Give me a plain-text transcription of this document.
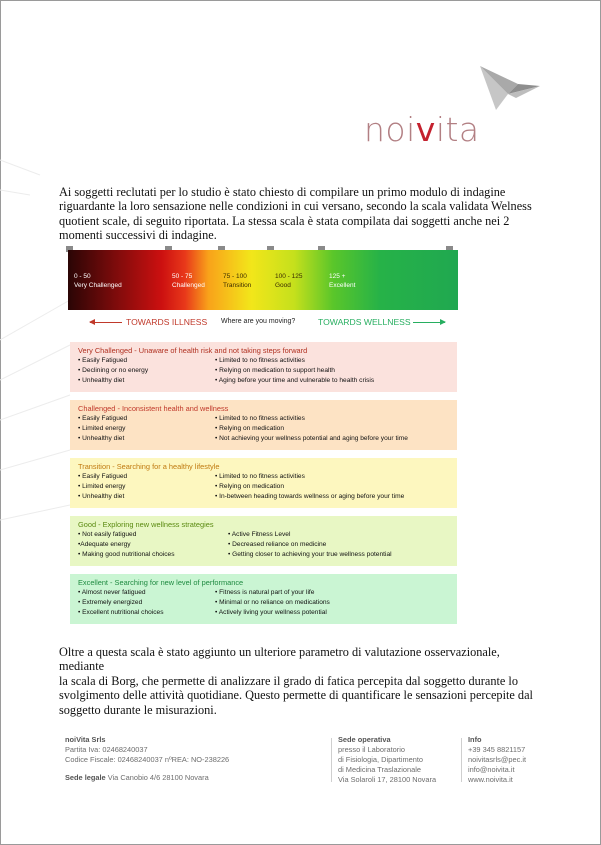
noivita
Ai soggetti reclutati per lo studio è stato chiesto di compilare un primo modulo di indagine
riguardante la loro sensazione nelle condizioni in cui versano, secondo la scala validata Welness
quotient scale, di seguito riportata. La stessa scala è stata compilata dai soggetti anche nei 2
momenti successivi di indagine.
0 - 50
Very Challenged
50 - 75
Challenged
75 - 100
Transition
100 - 125
Good
125 +
Excellent
TOWARDS ILLNESS Where are you moving?	TOWARDS WELLNESS
Very Challenged - Unaware of health risk and not taking steps forward
• Easily Fatigued
• Declining or no energy
• Unhealthy diet
• Limited to no fitness activities
• Relying on medication to support health
• Aging before your time and vulnerable to health crisis
Challenged - Inconsistent health and wellness
• Easily Fatigued
• Limited energy
• Unhealthy diet
• Limited to no fitness activities
• Relying on medication
• Not achieving your wellness potential and aging before your time
Transition - Searching for a healthy lifestyle
• Easily Fatigued
• Limited energy
• Unhealthy diet
• Limited to no fitness activities
• Relying on medication
• In-between heading towards wellness or aging before your time
Good - Exploring new wellness strategies
• Not easily fatigued
•Adequate energy
• Making good nutritional choices
• Active Fitness Level
• Decreased reliance on medicine
• Getting closer to achieving your true wellness potential
Excellent - Searching for new level of performance
• Almost never fatigued
• Extremely energized
• Excellent nutritional choices
• Fitness is natural part of your life
• Minimal or no reliance on medications
• Actively living your wellness potential
Oltre a questa scala è stato aggiunto un ulteriore parametro di valutazione osservazionale, mediante
la scala di Borg, che permette di analizzare il grado di fatica percepita dal soggetto durante lo
svolgimento delle attività quotidiane. Questo permette di quantificare le sensazioni percepite dal
soggetto durante le misurazioni.
noiVita Srls
Partita Iva: 02468240037
Codice Fiscale: 02468240037 nºREA: NO-238226
Sede legale Via Canobio 4/6 28100 Novara
Sede operativa
presso il Laboratorio
di Fisiologia, Dipartimento
di Medicina Traslazionale
Via Solaroli 17, 28100 Novara
Info
+39 345 8821157
noivitasrls@pec.it
info@noivita.it
www.noivita.it
